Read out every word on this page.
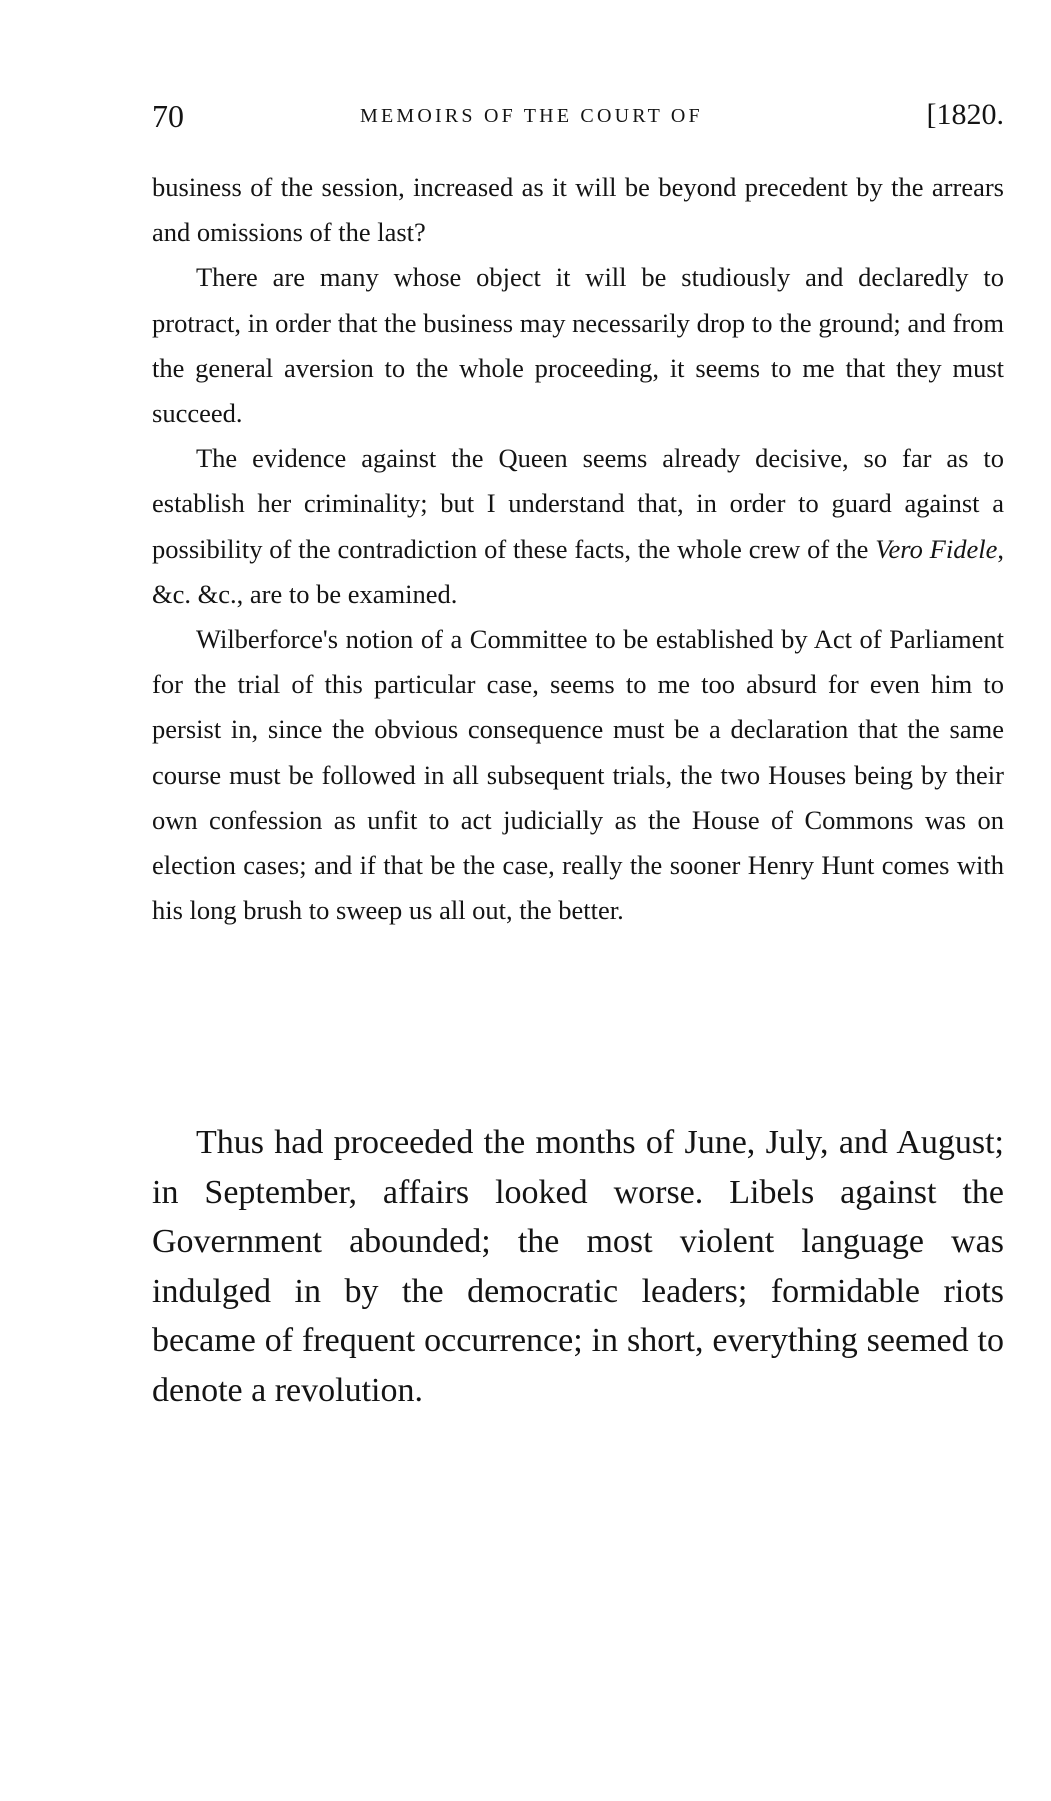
70	MEMOIRS OF THE COURT OF	[1820.

business of the session, increased as it will be beyond precedent by the arrears and omissions of the last?

There are many whose object it will be studiously and declaredly to protract, in order that the business may necessarily drop to the ground; and from the general aversion to the whole proceeding, it seems to me that they must succeed.

The evidence against the Queen seems already decisive, so far as to establish her criminality; but I understand that, in order to guard against a possibility of the contradiction of these facts, the whole crew of the Vero Fidele, &c. &c., are to be examined.

Wilberforce's notion of a Committee to be established by Act of Parliament for the trial of this particular case, seems to me too absurd for even him to persist in, since the obvious consequence must be a declaration that the same course must be followed in all subsequent trials, the two Houses being by their own confession as unfit to act judicially as the House of Commons was on election cases; and if that be the case, really the sooner Henry Hunt comes with his long brush to sweep us all out, the better.

Thus had proceeded the months of June, July, and August; in September, affairs looked worse. Libels against the Government abounded; the most violent language was indulged in by the democratic leaders; formidable riots became of frequent occurrence; in short, everything seemed to denote a revolution.
